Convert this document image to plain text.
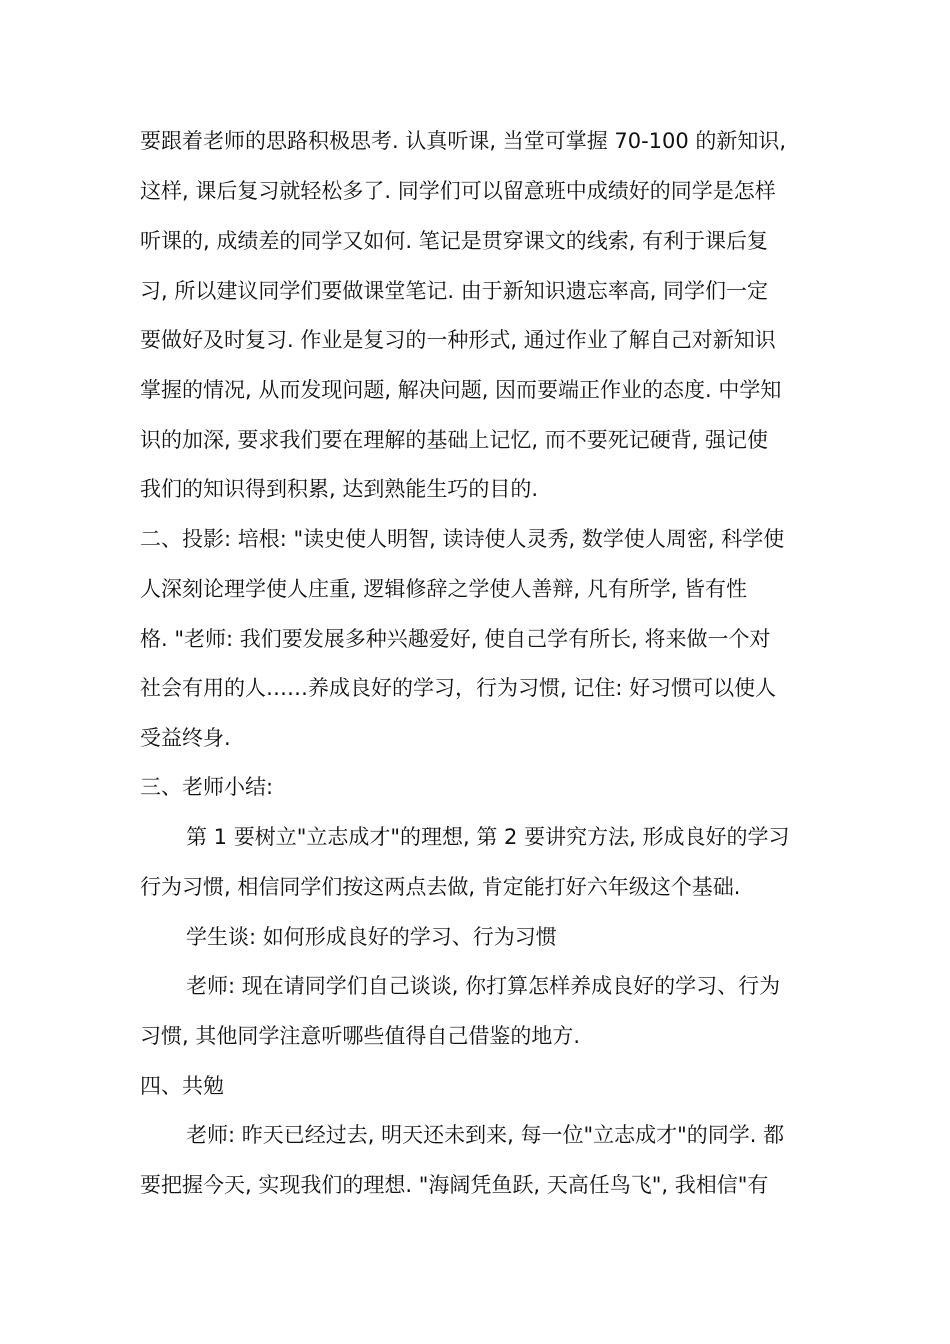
要跟着老师的思路积极思考. 认真听课, 当堂可掌握 70-100 的新知识,
这样, 课后复习就轻松多了. 同学们可以留意班中成绩好的同学是怎样
听课的, 成绩差的同学又如何. 笔记是贯穿课文的线索, 有利于课后复
习, 所以建议同学们要做课堂笔记. 由于新知识遗忘率高, 同学们一定
要做好及时复习. 作业是复习的一种形式, 通过作业了解自己对新知识
掌握的情况, 从而发现问题, 解决问题, 因而要端正作业的态度. 中学知
识的加深, 要求我们要在理解的基础上记忆, 而不要死记硬背, 强记使
我们的知识得到积累, 达到熟能生巧的目的.
二、投影: 培根: "读史使人明智, 读诗使人灵秀, 数学使人周密, 科学使
人深刻论理学使人庄重, 逻辑修辞之学使人善辩, 凡有所学, 皆有性
格. "老师: 我们要发展多种兴趣爱好, 使自己学有所长, 将来做一个对
社会有用的人……养成良好的学习，行为习惯, 记住: 好习惯可以使人
受益终身.
三、老师小结:
第 1 要树立"立志成才"的理想, 第 2 要讲究方法, 形成良好的学习
行为习惯, 相信同学们按这两点去做, 肯定能打好六年级这个基础.
学生谈: 如何形成良好的学习、行为习惯
老师: 现在请同学们自己谈谈, 你打算怎样养成良好的学习、行为
习惯, 其他同学注意听哪些值得自己借鉴的地方.
四、共勉
老师: 昨天已经过去, 明天还未到来, 每一位"立志成才"的同学. 都
要把握今天, 实现我们的理想. "海阔凭鱼跃, 天高任鸟飞", 我相信"有
